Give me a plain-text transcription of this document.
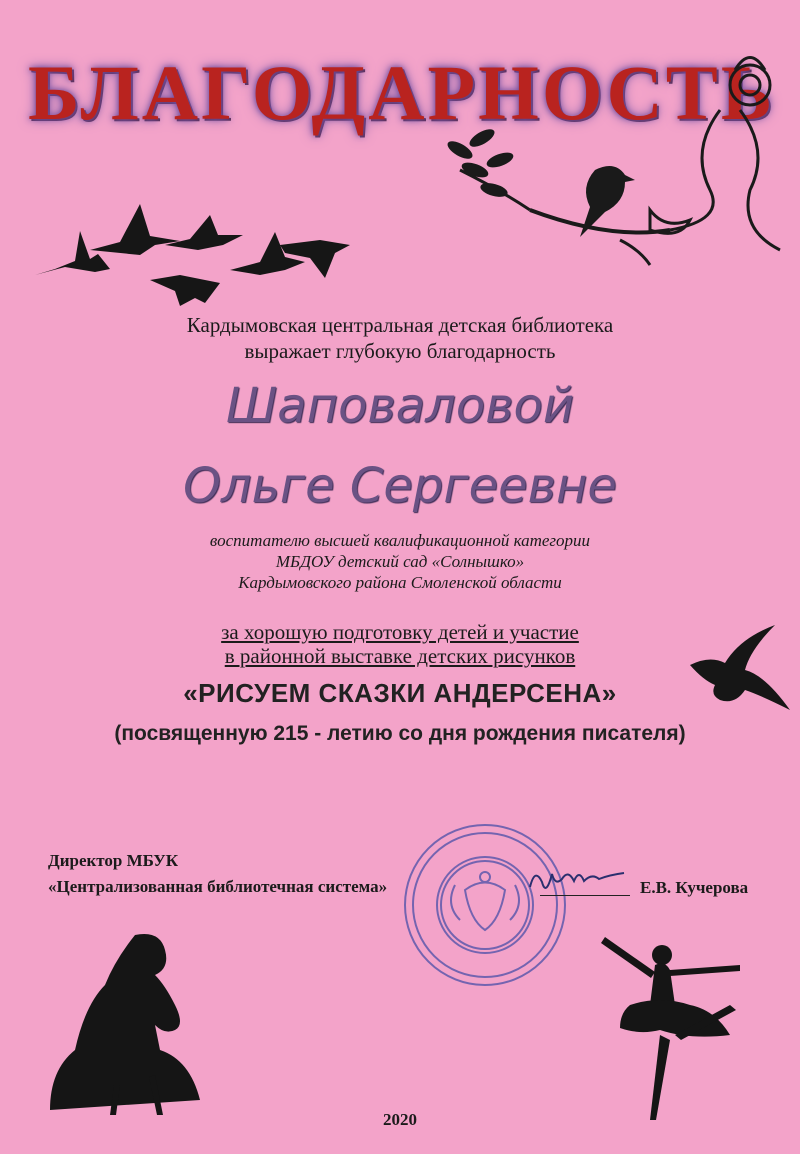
БЛАГОДАРНОСТЬ
Кардымовская центральная детская библиотека
выражает глубокую благодарность
Шаповаловой
Ольге Сергеевне
воспитателю высшей квалификационной категории
МБДОУ детский сад «Солнышко»
Кардымовского района Смоленской области
за хорошую подготовку детей и участие
в районной выставке детских рисунков
«РИСУЕМ СКАЗКИ АНДЕРСЕНА»
(посвященную 215 - летию со дня рождения писателя)
Директор МБУК
«Централизованная библиотечная система»	Е.В. Кучерова
2020
